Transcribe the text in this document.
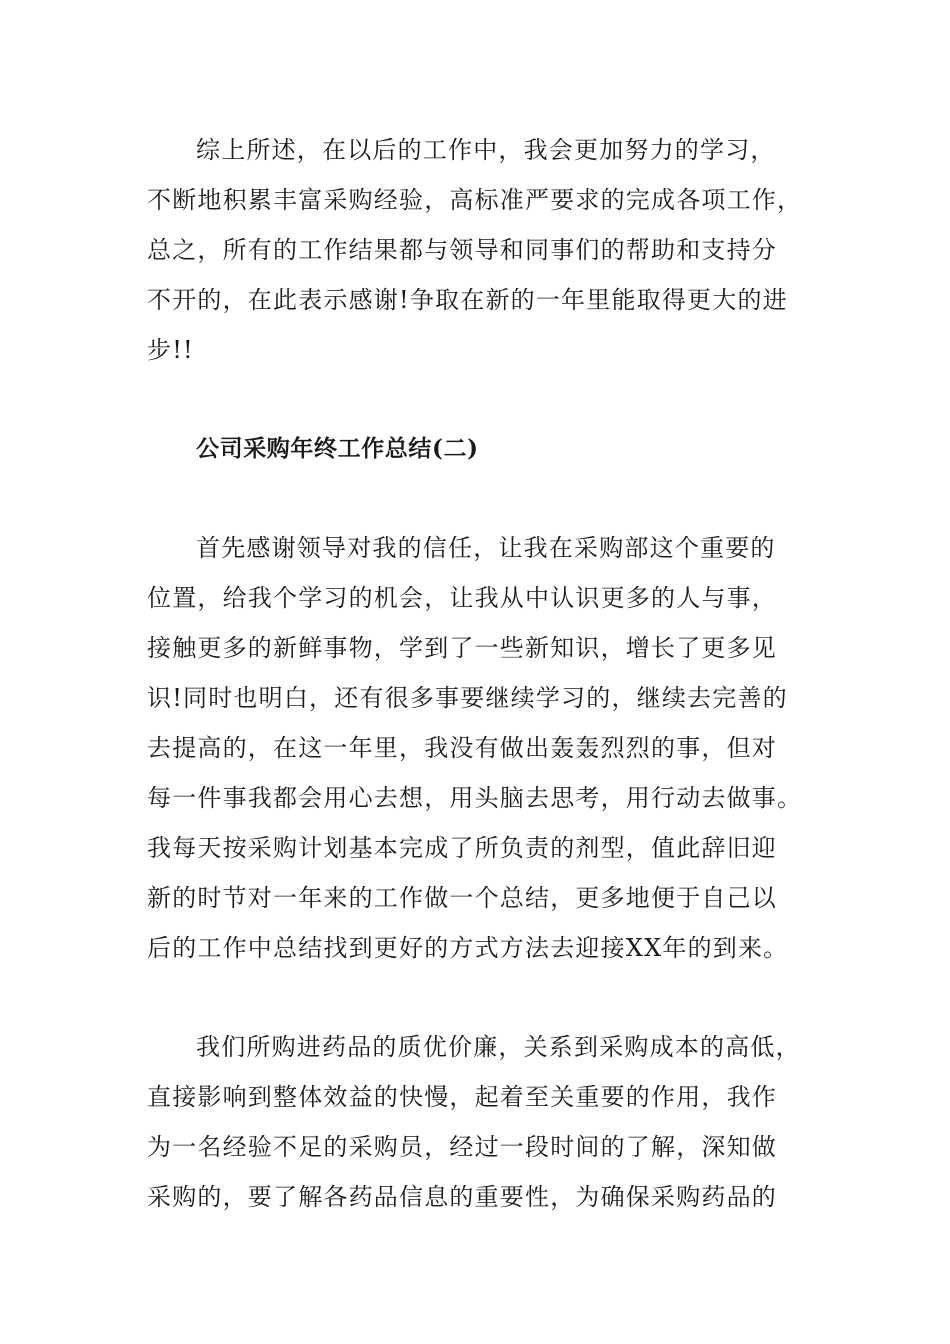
综上所述，在以后的工作中，我会更加努力的学习，
不断地积累丰富采购经验，高标准严要求的完成各项工作，
总之，所有的工作结果都与领导和同事们的帮助和支持分
不开的，在此表示感谢!争取在新的一年里能取得更大的进
步!!
公司采购年终工作总结(二)
首先感谢领导对我的信任，让我在采购部这个重要的
位置，给我个学习的机会，让我从中认识更多的人与事，
接触更多的新鲜事物，学到了一些新知识，增长了更多见
识!同时也明白，还有很多事要继续学习的，继续去完善的
去提高的，在这一年里，我没有做出轰轰烈烈的事，但对
每一件事我都会用心去想，用头脑去思考，用行动去做事。
我每天按采购计划基本完成了所负责的剂型，值此辞旧迎
新的时节对一年来的工作做一个总结，更多地便于自己以
后的工作中总结找到更好的方式方法去迎接XX年的到来。
我们所购进药品的质优价廉，关系到采购成本的高低，
直接影响到整体效益的快慢，起着至关重要的作用，我作
为一名经验不足的采购员，经过一段时间的了解，深知做
采购的，要了解各药品信息的重要性，为确保采购药品的
